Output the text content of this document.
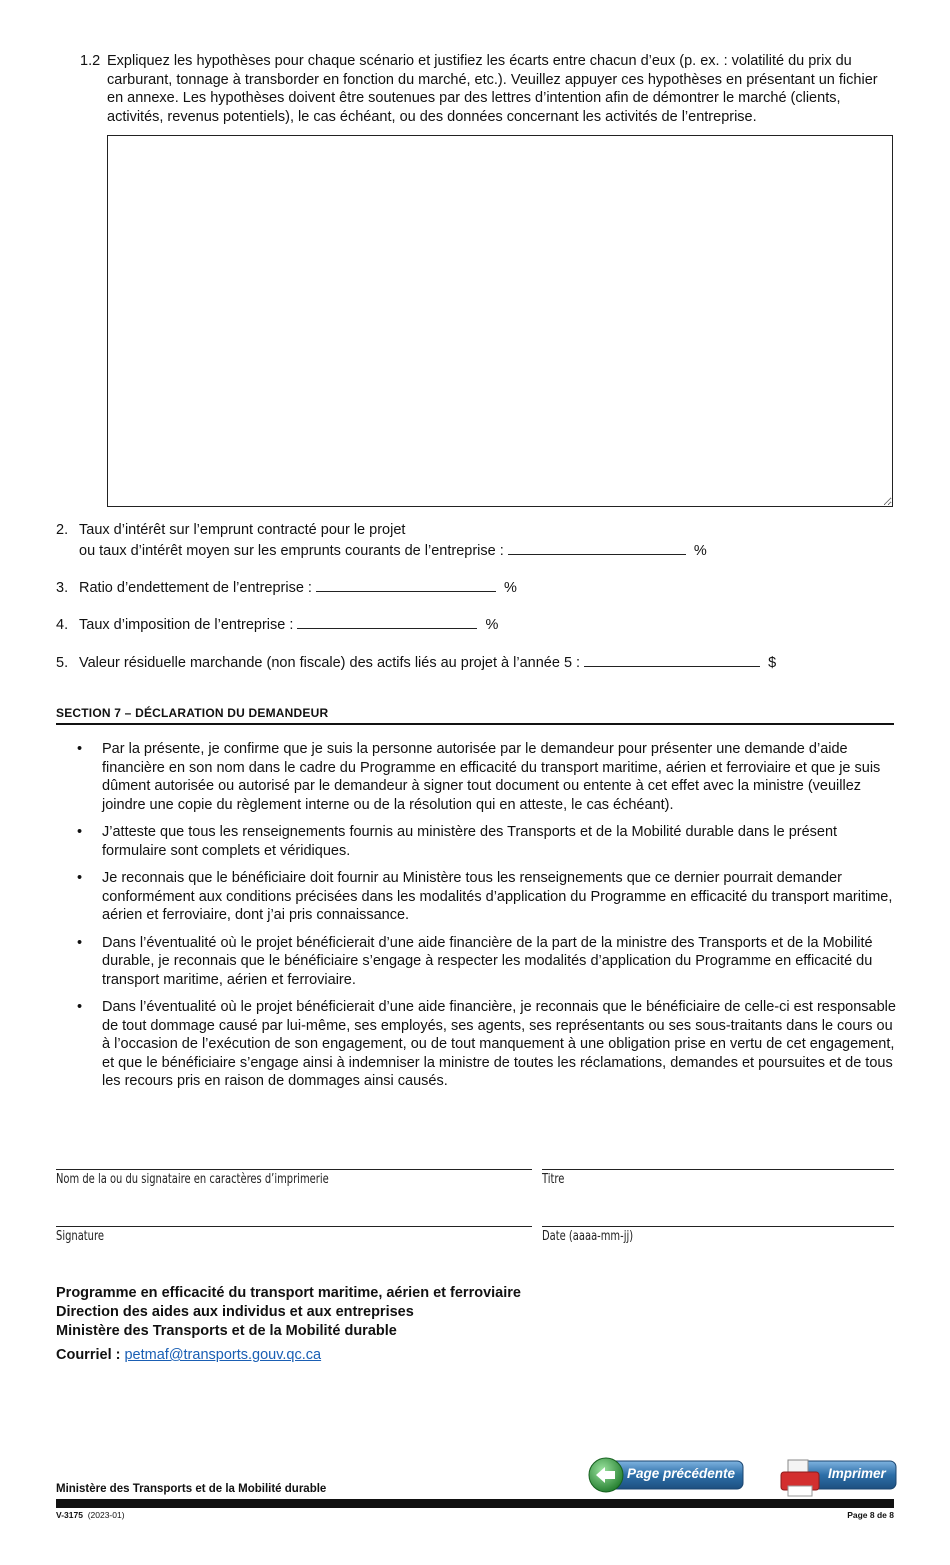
1.2 Expliquez les hypothèses pour chaque scénario et justifiez les écarts entre chacun d’eux (p. ex. : volatilité du prix du carburant, tonnage à transborder en fonction du marché, etc.). Veuillez appuyer ces hypothèses en présentant un fichier en annexe. Les hypothèses doivent être soutenues par des lettres d’intention afin de démontrer le marché (clients, activités, revenus potentiels), le cas échéant, ou des données concernant les activités de l’entreprise.
2. Taux d’intérêt sur l’emprunt contracté pour le projet
ou taux d’intérêt moyen sur les emprunts courants de l’entreprise :	%
3. Ratio d’endettement de l’entreprise :	%
4. Taux d’imposition de l’entreprise :	%
5. Valeur résiduelle marchande (non fiscale) des actifs liés au projet à l’année 5 :	$
SECTION 7 – DÉCLARATION DU DEMANDEUR
• Par la présente, je confirme que je suis la personne autorisée par le demandeur pour présenter une demande d’aide financière en son nom dans le cadre du Programme en efficacité du transport maritime, aérien et ferroviaire et que je suis dûment autorisée ou autorisé par le demandeur à signer tout document ou entente à cet effet avec la ministre (veuillez joindre une copie du règlement interne ou de la résolution qui en atteste, le cas échéant).
• J’atteste que tous les renseignements fournis au ministère des Transports et de la Mobilité durable dans le présent formulaire sont complets et véridiques.
• Je reconnais que le bénéficiaire doit fournir au Ministère tous les renseignements que ce dernier pourrait demander conformément aux conditions précisées dans les modalités d’application du Programme en efficacité du transport maritime, aérien et ferroviaire, dont j’ai pris connaissance.
• Dans l’éventualité où le projet bénéficierait d’une aide financière de la part de la ministre des Transports et de la Mobilité durable, je reconnais que le bénéficiaire s’engage à respecter les modalités d’application du Programme en efficacité du transport maritime, aérien et ferroviaire.
• Dans l’éventualité où le projet bénéficierait d’une aide financière, je reconnais que le bénéficiaire de celle-ci est responsable de tout dommage causé par lui-même, ses employés, ses agents, ses représentants ou ses sous-traitants dans le cours ou à l’occasion de l’exécution de son engagement, ou de tout manquement à une obligation prise en vertu de cet engagement, et que le bénéficiaire s’engage ainsi à indemniser la ministre de toutes les réclamations, demandes et poursuites et de tous les recours pris en raison de dommages ainsi causés.
Nom de la ou du signataire en caractères d’imprimerie	Titre
Signature	Date (aaaa-mm-jj)
Programme en efficacité du transport maritime, aérien et ferroviaire
Direction des aides aux individus et aux entreprises
Ministère des Transports et de la Mobilité durable
Courriel : petmaf@transports.gouv.qc.ca
Page précédente	Imprimer
Ministère des Transports et de la Mobilité durable
V-3175 (2023-01)	Page 8 de 8
